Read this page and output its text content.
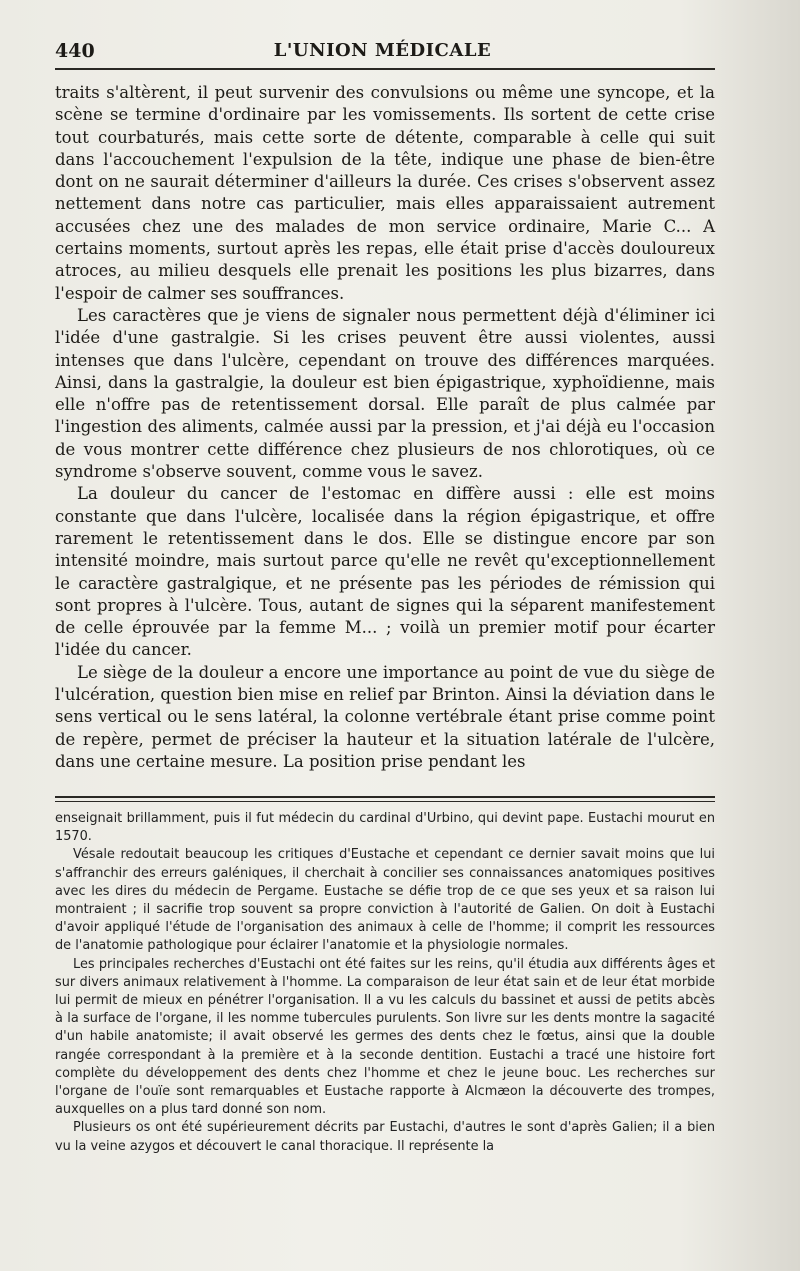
440	L'UNION MÉDICALE

traits s'altèrent, il peut survenir des convulsions ou même une syncope, et la scène se termine d'ordinaire par les vomissements. Ils sortent de cette crise tout courbaturés, mais cette sorte de détente, comparable à celle qui suit dans l'accouchement l'expulsion de la tête, indique une phase de bien-être dont on ne saurait déterminer d'ailleurs la durée. Ces crises s'observent assez nettement dans notre cas particulier, mais elles apparaissaient autrement accusées chez une des malades de mon service ordinaire, Marie C... A certains moments, surtout après les repas, elle était prise d'accès douloureux atroces, au milieu desquels elle prenait les positions les plus bizarres, dans l'espoir de calmer ses souffrances.

Les caractères que je viens de signaler nous permettent déjà d'éliminer ici l'idée d'une gastralgie. Si les crises peuvent être aussi violentes, aussi intenses que dans l'ulcère, cependant on trouve des différences marquées. Ainsi, dans la gastralgie, la douleur est bien épigastrique, xyphoïdienne, mais elle n'offre pas de retentissement dorsal. Elle paraît de plus calmée par l'ingestion des aliments, calmée aussi par la pression, et j'ai déjà eu l'occasion de vous montrer cette différence chez plusieurs de nos chlorotiques, où ce syndrome s'observe souvent, comme vous le savez.

La douleur du cancer de l'estomac en diffère aussi : elle est moins constante que dans l'ulcère, localisée dans la région épigastrique, et offre rarement le retentissement dans le dos. Elle se distingue encore par son intensité moindre, mais surtout parce qu'elle ne revêt qu'exceptionnellement le caractère gastralgique, et ne présente pas les périodes de rémission qui sont propres à l'ulcère. Tous, autant de signes qui la séparent manifestement de celle éprouvée par la femme M... ; voilà un premier motif pour écarter l'idée du cancer.

Le siège de la douleur a encore une importance au point de vue du siège de l'ulcération, question bien mise en relief par Brinton. Ainsi la déviation dans le sens vertical ou le sens latéral, la colonne vertébrale étant prise comme point de repère, permet de préciser la hauteur et la situation latérale de l'ulcère, dans une certaine mesure. La position prise pendant les

enseignait brillamment, puis il fut médecin du cardinal d'Urbino, qui devint pape. Eustachi mourut en 1570.

Vésale redoutait beaucoup les critiques d'Eustache et cependant ce dernier savait moins que lui s'affranchir des erreurs galéniques, il cherchait à concilier ses connaissances anatomiques positives avec les dires du médecin de Pergame. Eustache se défie trop de ce que ses yeux et sa raison lui montraient ; il sacrifie trop souvent sa propre conviction à l'autorité de Galien. On doit à Eustachi d'avoir appliqué l'étude de l'organisation des animaux à celle de l'homme; il comprit les ressources de l'anatomie pathologique pour éclairer l'anatomie et la physiologie normales.

Les principales recherches d'Eustachi ont été faites sur les reins, qu'il étudia aux différents âges et sur divers animaux relativement à l'homme. La comparaison de leur état sain et de leur état morbide lui permit de mieux en pénétrer l'organisation. Il a vu les calculs du bassinet et aussi de petits abcès à la surface de l'organe, il les nomme tubercules purulents. Son livre sur les dents montre la sagacité d'un habile anatomiste; il avait observé les germes des dents chez le fœtus, ainsi que la double rangée correspondant à la première et à la seconde dentition. Eustachi a tracé une histoire fort complète du développement des dents chez l'homme et chez le jeune bouc. Les recherches sur l'organe de l'ouïe sont remarquables et Eustache rapporte à Alcmæon la découverte des trompes, auxquelles on a plus tard donné son nom.

Plusieurs os ont été supérieurement décrits par Eustachi, d'autres le sont d'après Galien; il a bien vu la veine azygos et découvert le canal thoracique. Il représente la
